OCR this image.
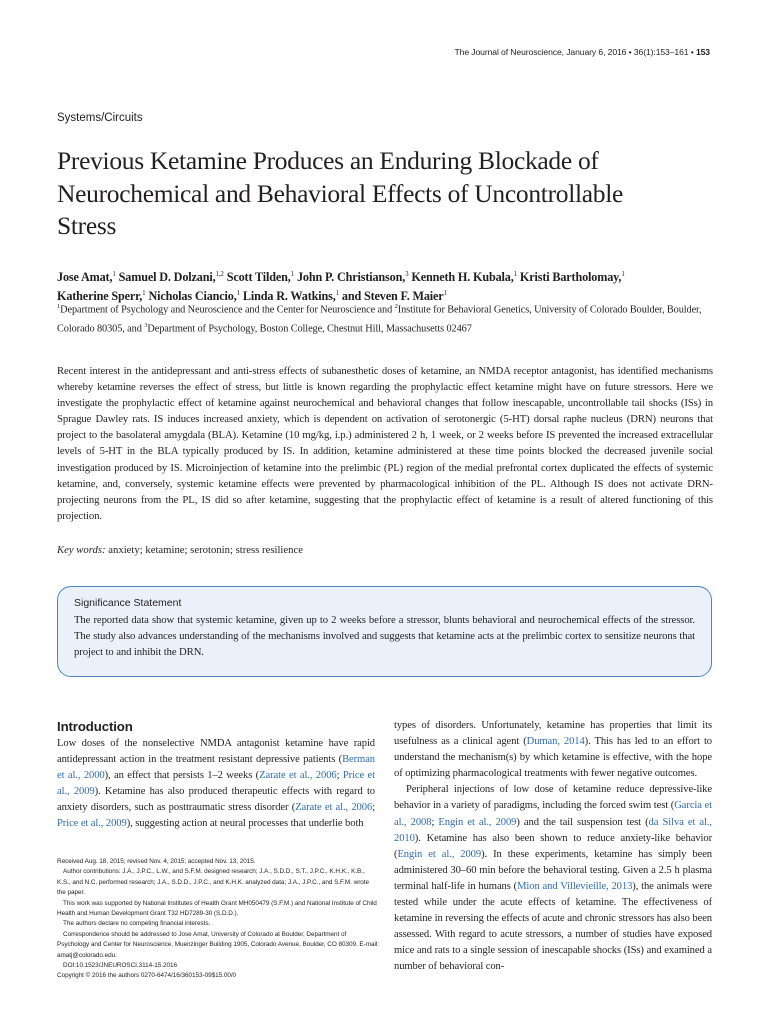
The Journal of Neuroscience, January 6, 2016 • 36(1):153–161 • 153
Systems/Circuits
Previous Ketamine Produces an Enduring Blockade of
Neurochemical and Behavioral Effects of Uncontrollable
Stress
Jose Amat,$^1$ Samuel D. Dolzani,$^{1,2}$ Scott Tilden,$^1$ John P. Christianson,$^3$ Kenneth H. Kubala,$^1$ Kristi Bartholomay,$^1$
Katherine Sperr,$^1$ Nicholas Ciancio,$^1$ Linda R. Watkins,$^1$ and Steven F. Maier$^1$
$^1$Department of Psychology and Neuroscience and the Center for Neuroscience and $^2$Institute for Behavioral Genetics, University of Colorado Boulder, Boulder, Colorado 80305, and $^3$Department of Psychology, Boston College, Chestnut Hill, Massachusetts 02467
Recent interest in the antidepressant and anti-stress effects of subanesthetic doses of ketamine, an NMDA receptor antagonist, has identified mechanisms whereby ketamine reverses the effect of stress, but little is known regarding the prophylactic effect ketamine might have on future stressors. Here we investigate the prophylactic effect of ketamine against neurochemical and behavioral changes that follow inescapable, uncontrollable tail shocks (ISs) in Sprague Dawley rats. IS induces increased anxiety, which is dependent on activation of serotonergic (5-HT) dorsal raphe nucleus (DRN) neurons that project to the basolateral amygdala (BLA). Ketamine (10 mg/kg, i.p.) administered 2 h, 1 week, or 2 weeks before IS prevented the increased extracellular levels of 5-HT in the BLA typically produced by IS. In addition, ketamine administered at these time points blocked the decreased juvenile social investigation produced by IS. Microinjection of ketamine into the prelimbic (PL) region of the medial prefrontal cortex duplicated the effects of systemic ketamine, and, conversely, systemic ketamine effects were prevented by pharmacological inhibition of the PL. Although IS does not activate DRN-projecting neurons from the PL, IS did so after ketamine, suggesting that the prophylactic effect of ketamine is a result of altered functioning of this projection.
Key words: anxiety; ketamine; serotonin; stress resilience
Significance Statement
The reported data show that systemic ketamine, given up to 2 weeks before a stressor, blunts behavioral and neurochemical effects of the stressor. The study also advances understanding of the mechanisms involved and suggests that ketamine acts at the prelimbic cortex to sensitize neurons that project to and inhibit the DRN.
Introduction

Low doses of the nonselective NMDA antagonist ketamine have rapid antidepressant action in the treatment resistant depressive patients (Berman et al., 2000), an effect that persists 1–2 weeks (Zarate et al., 2006; Price et al., 2009). Ketamine has also produced therapeutic effects with regard to anxiety disorders, such as posttraumatic stress disorder (Zarate et al., 2006; Price et al., 2009), suggesting action at neural processes that underlie both

Received Aug. 18, 2015; revised Nov. 4, 2015; accepted Nov. 13, 2015.
Author contributions: J.A., J.P.C., L.W., and S.F.M. designed research; J.A., S.D.D., S.T., J.P.C., K.H.K., K.B., K.S., and N.C. performed research; J.A., S.D.D., J.P.C., and K.H.K. analyzed data; J.A., J.P.C., and S.F.M. wrote the paper.
This work was supported by National Institutes of Health Grant MH050479 (S.F.M.) and National Institute of Child Health and Human Development Grant T32 HD7289-30 (S.D.D.).
The authors declare no competing financial interests.
Correspondence should be addressed to Jose Amat, University of Colorado at Boulder, Department of Psychology and Center for Neuroscience, Muenzinger Building 1905, Colorado Avenue, Boulder, CO 80309. E-mail: amatj@colorado.edu.
DOI:10.1523/JNEUROSCI.3114-15.2016
Copyright © 2016 the authors 0270-6474/16/360153-09$15.00/0

types of disorders. Unfortunately, ketamine has properties that limit its usefulness as a clinical agent (Duman, 2014). This has led to an effort to understand the mechanism(s) by which ketamine is effective, with the hope of optimizing pharmacological treatments with fewer negative outcomes.

Peripheral injections of low dose of ketamine reduce depressive-like behavior in a variety of paradigms, including the forced swim test (Garcia et al., 2008; Engin et al., 2009) and the tail suspension test (da Silva et al., 2010). Ketamine has also been shown to reduce anxiety-like behavior (Engin et al., 2009). In these experiments, ketamine has simply been administered 30–60 min before the behavioral testing. Given a 2.5 h plasma terminal half-life in humans (Mion and Villevieille, 2013), the animals were tested while under the acute effects of ketamine. The effectiveness of ketamine in reversing the effects of acute and chronic stressors has also been assessed. With regard to acute stressors, a number of studies have exposed mice and rats to a single session of inescapable shocks (ISs) and examined a number of behavioral con-
